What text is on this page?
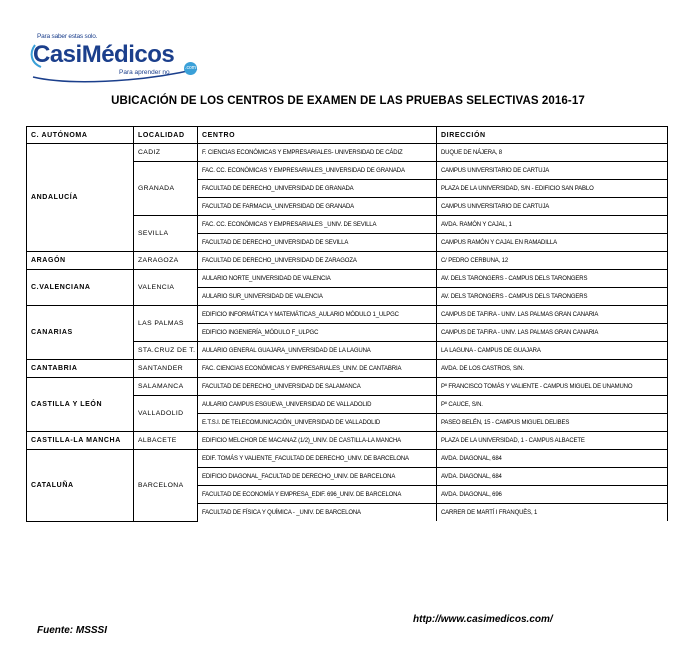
Para saber estas solo.
CasiMédicos
Para aprender no
.com
UBICACIÓN DE LOS CENTROS DE EXAMEN DE LAS PRUEBAS SELECTIVAS 2016-17
C. AUTÓNOMA	LOCALIDAD	CENTRO	DIRECCIÓN
ANDALUCÍA	CADIZ	F. CIENCIAS ECONÓMICAS Y EMPRESARIALES- UNIVERSIDAD DE CÁDIZ	DUQUE DE NÁJERA, 8
	GRANADA	FAC. CC. ECONÓMICAS Y EMPRESARIALES_UNIVERSIDAD DE GRANADA	CAMPUS UNIVERSITARIO DE CARTUJA
		FACULTAD DE DERECHO_UNIVERSIDAD DE GRANADA	PLAZA DE LA UNIVERSIDAD, S/N - EDIFICIO SAN PABLO
		FACULTAD DE FARMACIA_UNIVERSIDAD DE GRANADA	CAMPUS UNIVERSITARIO DE CARTUJA
	SEVILLA	FAC. CC. ECONÓMICAS Y EMPRESARIALES _UNIV. DE SEVILLA	AVDA. RAMÓN Y CAJAL, 1
		FACULTAD DE DERECHO_UNIVERSIDAD DE SEVILLA	CAMPUS RAMÓN Y CAJAL EN RAMADILLA
ARAGÓN	ZARAGOZA	FACULTAD DE DERECHO_UNIVERSIDAD DE ZARAGOZA	C/ PEDRO CERBUNA, 12
C.VALENCIANA	VALENCIA	AULARIO NORTE_UNIVERSIDAD DE VALENCIA	AV. DELS TARONGERS - CAMPUS DELS TARONGERS
		AULARIO SUR_UNIVERSIDAD DE VALENCIA	AV. DELS TARONGERS - CAMPUS DELS TARONGERS
CANARIAS	LAS PALMAS	EDIFICIO INFORMÁTICA Y MATEMÁTICAS_AULARIO MÓDULO 1_ULPGC	CAMPUS DE TAFIRA - UNIV. LAS PALMAS GRAN CANARIA
		EDIFICIO INGENIERÍA_MÓDULO F_ULPGC	CAMPUS DE TAFIRA - UNIV. LAS PALMAS GRAN CANARIA
	STA.CRUZ DE T.	AULARIO GENERAL GUAJARA_UNIVERSIDAD DE LA LAGUNA	LA LAGUNA - CAMPUS DE GUAJARA
CANTABRIA	SANTANDER	FAC. CIENCIAS ECONÓMICAS Y EMPRESARIALES_UNIV. DE CANTABRIA	AVDA. DE LOS CASTROS, S/N.
CASTILLA Y LEÓN	SALAMANCA	FACULTAD DE DERECHO_UNIVERSIDAD DE SALAMANCA	Pº FRANCISCO TOMÁS Y VALIENTE - CAMPUS MIGUEL DE UNAMUNO
	VALLADOLID	AULARIO CAMPUS ESGUEVA_UNIVERSIDAD DE VALLADOLID	Pº CAUCE, S/N.
		E.T.S.I. DE TELECOMUNICACIÓN_UNIVERSIDAD DE VALLADOLID	PASEO BELÉN, 15 - CAMPUS MIGUEL DELIBES
CASTILLA-LA MANCHA	ALBACETE	EDIFICIO MELCHOR DE MACANAZ (1/2)_UNIV. DE CASTILLA-LA MANCHA	PLAZA DE LA UNIVERSIDAD, 1 - CAMPUS ALBACETE
CATALUÑA	BARCELONA	EDIF. TOMÁS Y VALIENTE_FACULTAD DE DERECHO_UNIV. DE BARCELONA	AVDA. DIAGONAL, 684
		EDIFICIO DIAGONAL_FACULTAD DE DERECHO_UNIV. DE BARCELONA	AVDA. DIAGONAL, 684
		FACULTAD DE ECONOMÍA Y EMPRESA_EDIF. 696_UNIV. DE BARCELONA	AVDA. DIAGONAL, 696
		FACULTAD DE FÍSICA Y QUÍMICA - _UNIV. DE BARCELONA	CARRER DE MARTÍ I FRANQUÈS, 1
http://www.casimedicos.com/
Fuente: MSSSI
